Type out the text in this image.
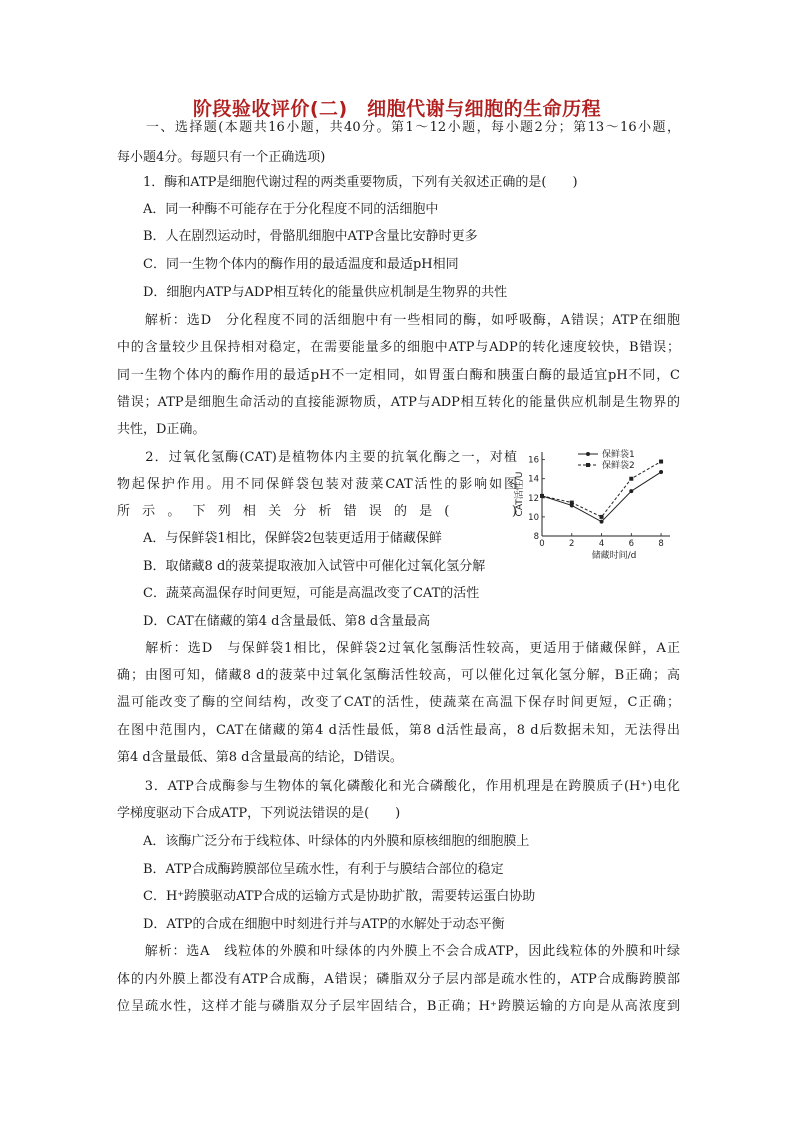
阶段验收评价(二)　细胞代谢与细胞的生命历程
　　一、选择题(本题共16小题，共40分。第1～12小题，每小题2分；第13～16小题，
每小题4分。每题只有一个正确选项)
　　1．酶和ATP是细胞代谢过程的两类重要物质，下列有关叙述正确的是(　　)
　　A．同一种酶不可能存在于分化程度不同的活细胞中
　　B．人在剧烈运动时，骨骼肌细胞中ATP含量比安静时更多
　　C．同一生物个体内的酶作用的最适温度和最适pH相同
　　D．细胞内ATP与ADP相互转化的能量供应机制是生物界的共性
　　解析：选D　分化程度不同的活细胞中有一些相同的酶，如呼吸酶，A错误；ATP在细胞
中的含量较少且保持相对稳定，在需要能量多的细胞中ATP与ADP的转化速度较快，B错误；
同一生物个体内的酶作用的最适pH不一定相同，如胃蛋白酶和胰蛋白酶的最适宜pH不同，C
错误；ATP是细胞生命活动的直接能源物质，ATP与ADP相互转化的能量供应机制是生物界的
共性，D正确。
　　2．过氧化氢酶(CAT)是植物体内主要的抗氧化酶之一，对植
物起保护作用。用不同保鲜袋包装对菠菜CAT活性的影响如图
所示。下列相关分析错误的是(　　)
　　A．与保鲜袋1相比，保鲜袋2包装更适用于储藏保鲜
　　B．取储藏8 d的菠菜提取液加入试管中可催化过氧化氢分解
　　C．蔬菜高温保存时间更短，可能是高温改变了CAT的活性
　　D．CAT在储藏的第4 d含量最低、第8 d含量最高
　　解析：选D　与保鲜袋1相比，保鲜袋2过氧化氢酶活性较高，更适用于储藏保鲜，A正
确；由图可知，储藏8 d的菠菜中过氧化氢酶活性较高，可以催化过氧化氢分解，B正确；高
温可能改变了酶的空间结构，改变了CAT的活性，使蔬菜在高温下保存时间更短，C正确；
在图中范围内，CAT在储藏的第4 d活性最低，第8 d活性最高，8 d后数据未知，无法得出
第4 d含量最低、第8 d含量最高的结论，D错误。
　　3．ATP合成酶参与生物体的氧化磷酸化和光合磷酸化，作用机理是在跨膜质子(H⁺)电化
学梯度驱动下合成ATP，下列说法错误的是(　　)
　　A．该酶广泛分布于线粒体、叶绿体的内外膜和原核细胞的细胞膜上
　　B．ATP合成酶跨膜部位呈疏水性，有利于与膜结合部位的稳定
　　C．H⁺跨膜驱动ATP合成的运输方式是协助扩散，需要转运蛋白协助
　　D．ATP的合成在细胞中时刻进行并与ATP的水解处于动态平衡
　　解析：选A　线粒体的外膜和叶绿体的内外膜上不会合成ATP，因此线粒体的外膜和叶绿
体的内外膜上都没有ATP合成酶，A错误；磷脂双分子层内部是疏水性的，ATP合成酶跨膜部
位呈疏水性，这样才能与磷脂双分子层牢固结合，B正确；H⁺跨膜运输的方向是从高浓度到
8
10
12
14
16
0	2	4	6	8
储藏时间/d
CAT活性/U
保鲜袋1
保鲜袋2
